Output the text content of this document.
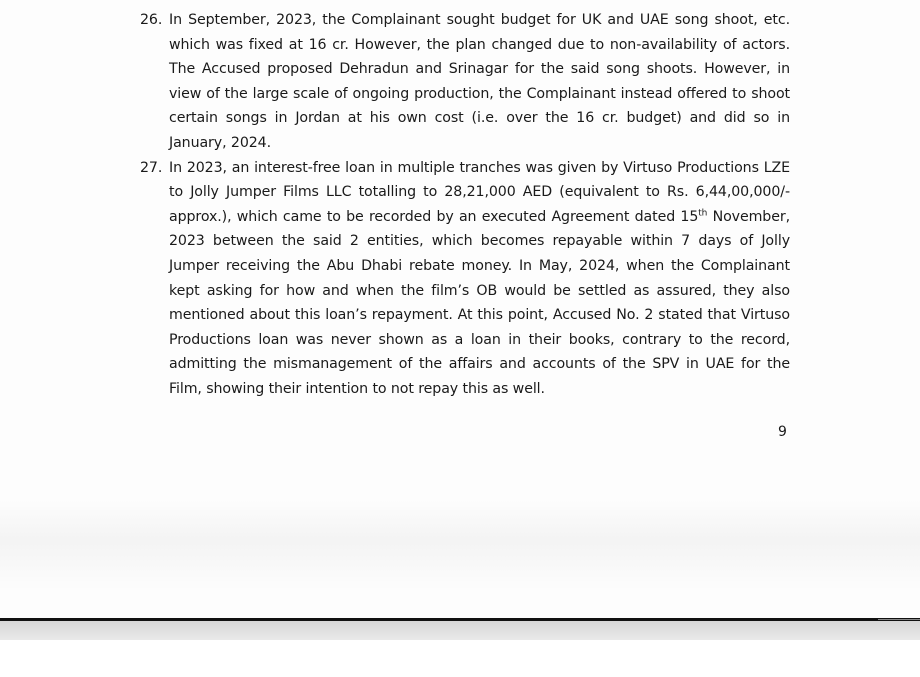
26. In September, 2023, the Complainant sought budget for UK and UAE song shoot, etc. which was fixed at 16 cr. However, the plan changed due to non-availability of actors. The Accused proposed Dehradun and Srinagar for the said song shoots. However, in view of the large scale of ongoing production, the Complainant instead offered to shoot certain songs in Jordan at his own cost (i.e. over the 16 cr. budget) and did so in January, 2024.
27. In 2023, an interest-free loan in multiple tranches was given by Virtuso Productions LZE to Jolly Jumper Films LLC totalling to 28,21,000 AED (equivalent to Rs. 6,44,00,000/- approx.), which came to be recorded by an executed Agreement dated 15th November, 2023 between the said 2 entities, which becomes repayable within 7 days of Jolly Jumper receiving the Abu Dhabi rebate money. In May, 2024, when the Complainant kept asking for how and when the film’s OB would be settled as assured, they also mentioned about this loan’s repayment. At this point, Accused No. 2 stated that Virtuso Productions loan was never shown as a loan in their books, contrary to the record, admitting the mismanagement of the affairs and accounts of the SPV in UAE for the Film, showing their intention to not repay this as well.
9
